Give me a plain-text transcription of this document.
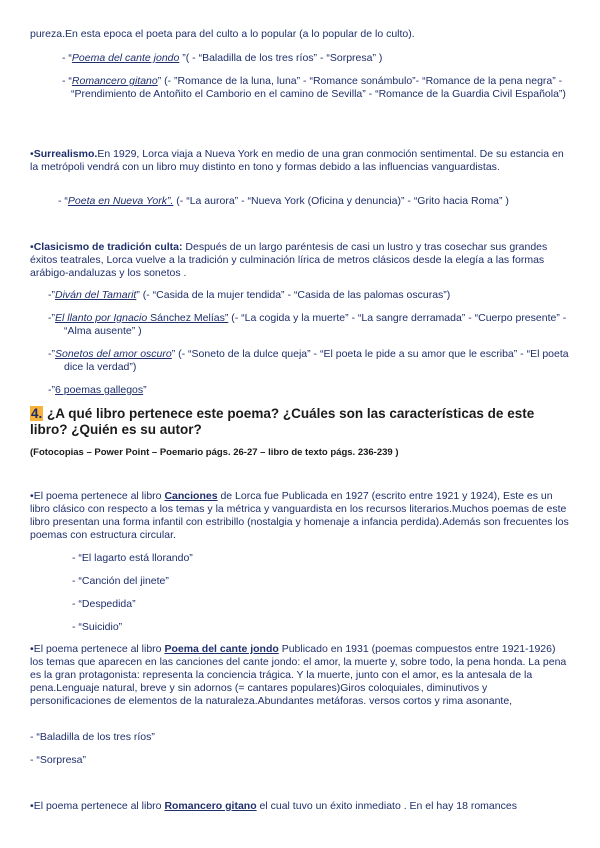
pureza.En esta epoca el poeta para del culto a lo popular (a lo popular de lo culto).
- “Poema del cante jondo ”( - “Baladilla de los tres ríos” - “Sorpresa” )
- “Romancero gitano” (- ”Romance de la luna, luna” - “Romance sonámbulo”- “Romance de la pena negra” - “Prendimiento de Antoñito el Camborio en el camino de Sevilla” - “Romance de la Guardia Civil Española”)
•Surrealismo.En 1929, Lorca viaja a Nueva York en medio de una gran conmoción sentimental. De su estancia en la metrópoli vendrá con un libro muy distinto en tono y formas debido a las influencias vanguardistas.
- “Poeta en Nueva York”. (- “La aurora” - “Nueva York (Oficina y denuncia)” - “Grito hacia Roma” )
•Clasicismo de tradición culta: Después de un largo paréntesis de casi un lustro y tras cosechar sus grandes éxitos teatrales, Lorca vuelve a la tradición y culminación lírica de metros clásicos desde la elegía a las formas arábigo-andaluzas y los sonetos .
-”Diván del Tamarit” (- “Casida de la mujer tendida” - “Casida de las palomas oscuras”)
-”El llanto por Ignacio Sánchez Melías” (- “La cogida y la muerte” - “La sangre derramada” - “Cuerpo presente” - “Alma ausente” )
-”Sonetos del amor oscuro” (- “Soneto de la dulce queja” - “El poeta le pide a su amor que le escriba” - “El poeta dice la verdad”)
-”6 poemas gallegos”
4. ¿A qué libro pertenece este poema? ¿Cuáles son las características de este libro? ¿Quién es su autor?
(Fotocopias – Power Point – Poemario págs. 26-27 – libro de texto págs. 236-239 )
•El poema pertenece al libro Canciones de Lorca fue Publicada en 1927 (escrito entre 1921 y 1924), Este es un libro clásico con respecto a los temas y la métrica y vanguardista en los recursos literarios.Muchos poemas de este libro presentan una forma infantil con estribillo (nostalgia y homenaje a infancia perdida).Además son frecuentes los poemas con estructura circular.
- “El lagarto está llorando”
- “Canción del jinete”
- “Despedida”
- “Suicidio”
•El poema pertenece al libro Poema del cante jondo Publicado en 1931 (poemas compuestos entre 1921-1926) los temas que aparecen en las canciones del cante jondo: el amor, la muerte y, sobre todo, la pena honda. La pena es la gran protagonista: representa la conciencia trágica. Y la muerte, junto con el amor, es la antesala de la pena.Lenguaje natural, breve y sin adornos (= cantares populares)Giros coloquiales, diminutivos y personificaciones de elementos de la naturaleza.Abundantes metáforas. versos cortos y rima asonante,
- “Baladilla de los tres ríos”
- “Sorpresa”
•El poema pertenece al libro Romancero gitano el cual tuvo un éxito inmediato . En el hay 18 romances
